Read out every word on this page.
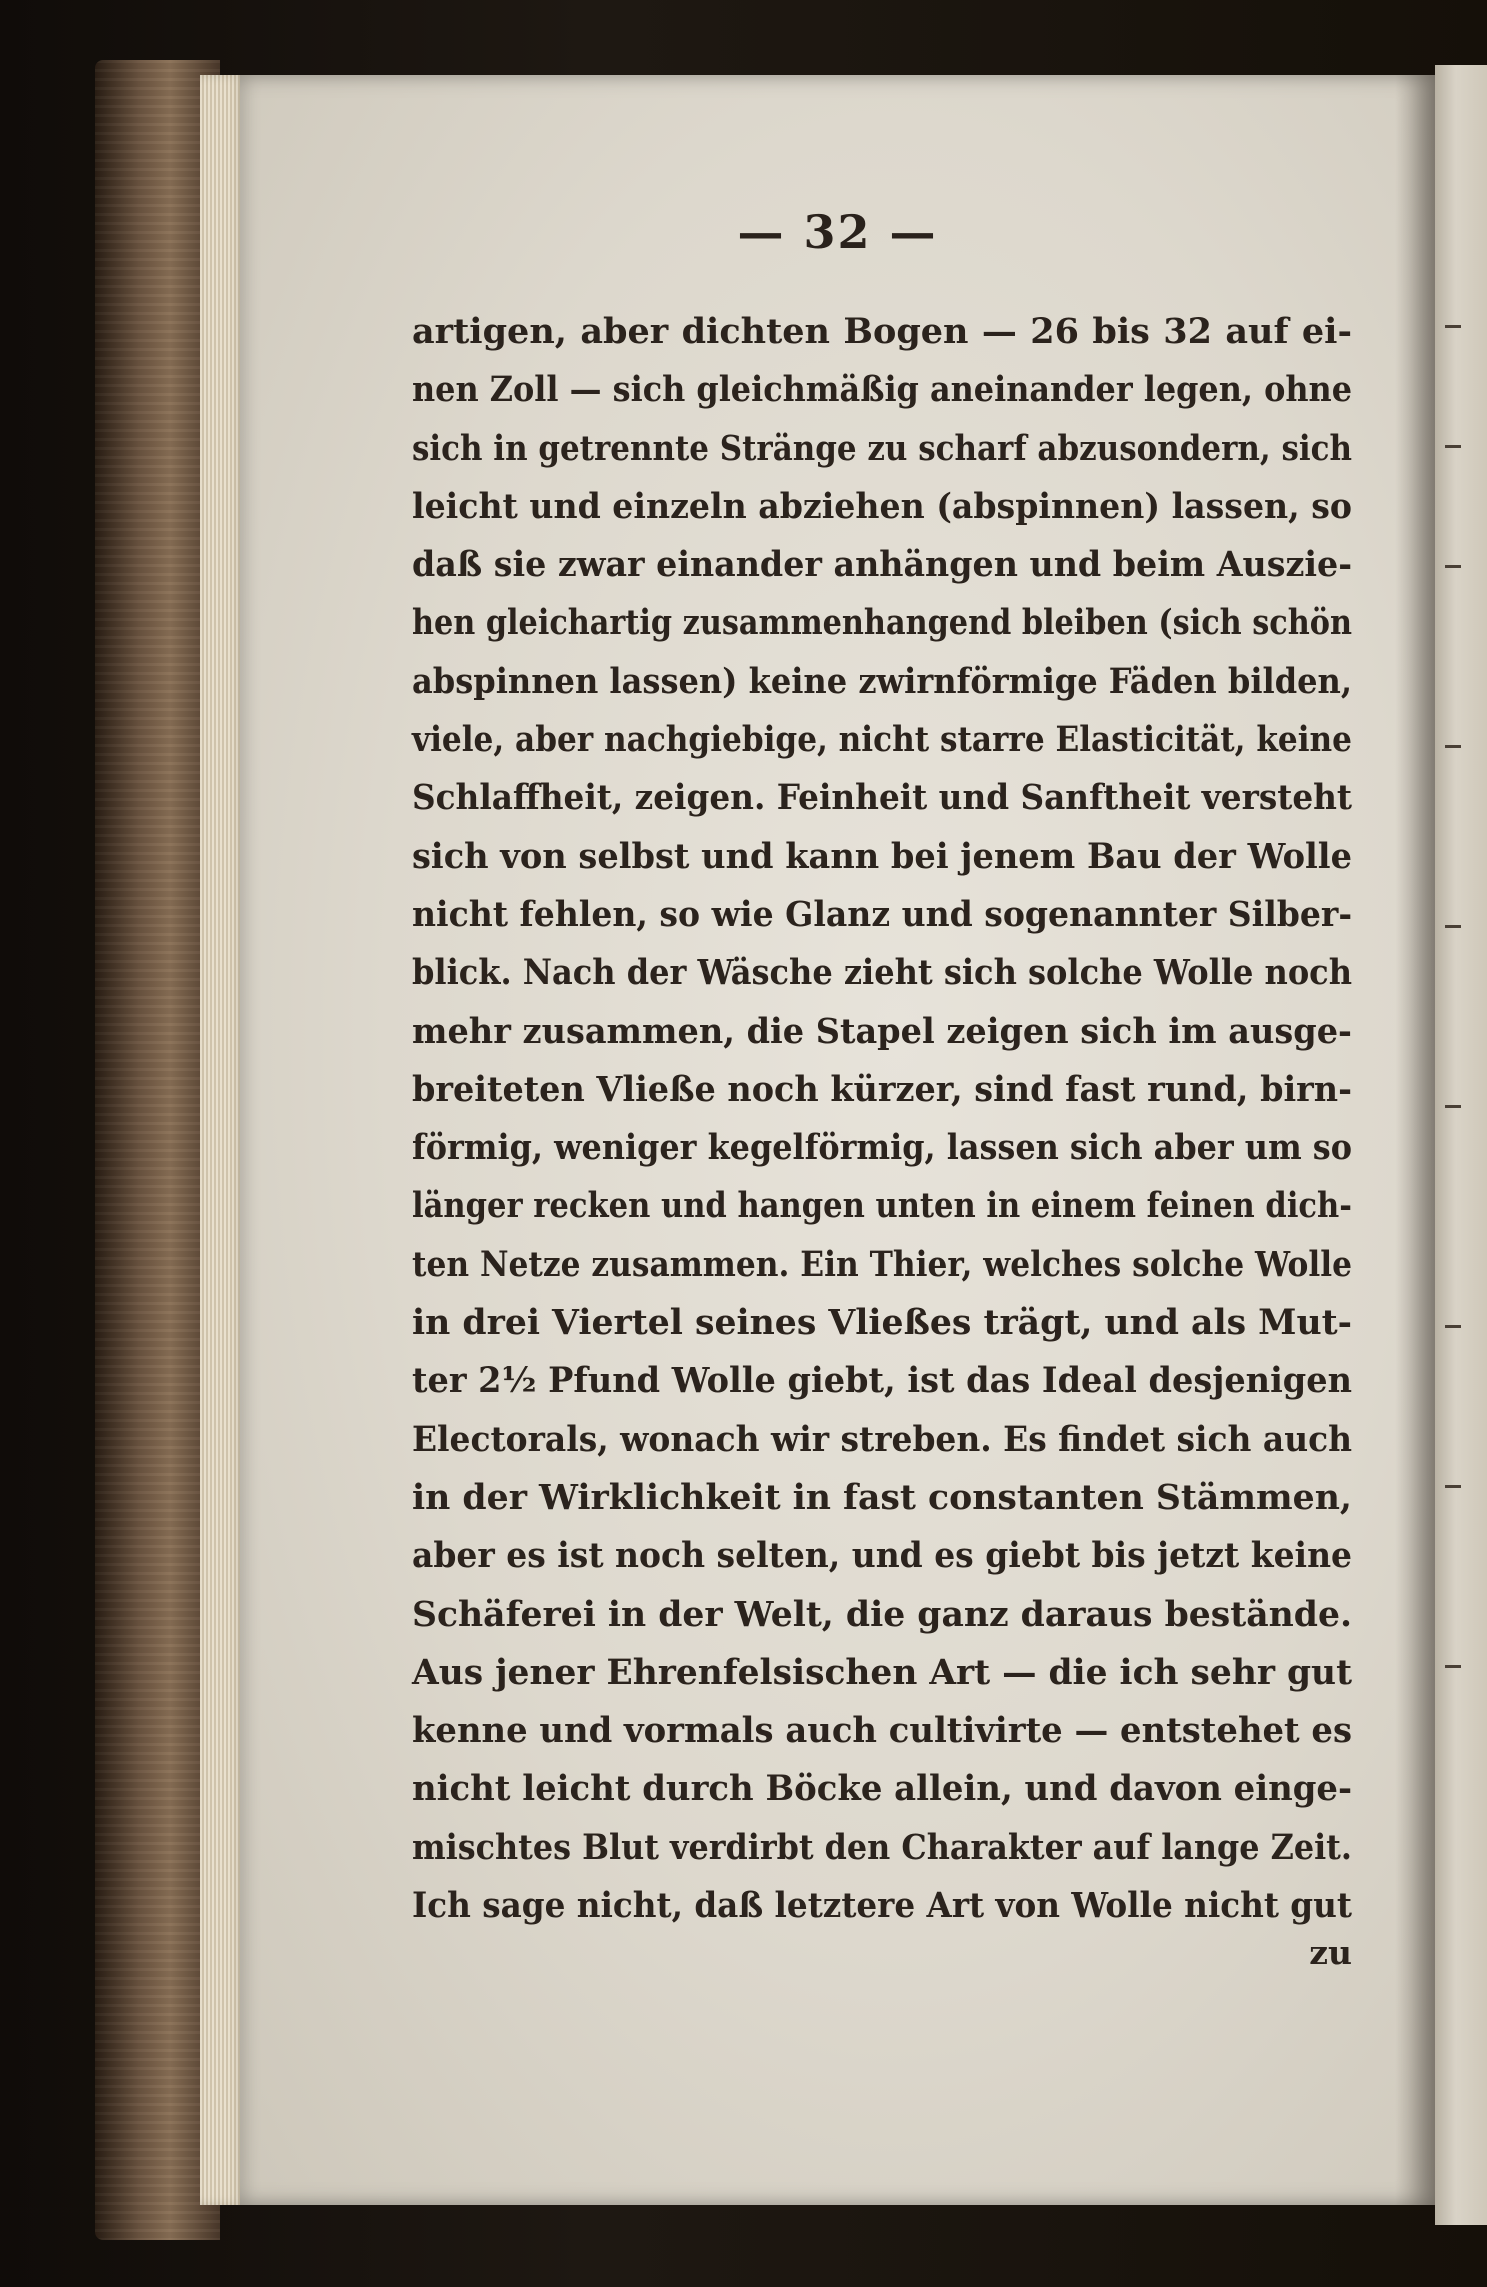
— 32 —
artigen, aber dichten Bogen — 26 bis 32 auf ei-
nen Zoll — sich gleichmäßig aneinander legen, ohne
sich in getrennte Stränge zu scharf abzusondern, sich
leicht und einzeln abziehen (abspinnen) lassen, so
daß sie zwar einander anhängen und beim Auszie-
hen gleichartig zusammenhangend bleiben (sich schön
abspinnen lassen) keine zwirnförmige Fäden bilden,
viele, aber nachgiebige, nicht starre Elasticität, keine
Schlaffheit, zeigen. Feinheit und Sanftheit versteht
sich von selbst und kann bei jenem Bau der Wolle
nicht fehlen, so wie Glanz und sogenannter Silber-
blick. Nach der Wäsche zieht sich solche Wolle noch
mehr zusammen, die Stapel zeigen sich im ausge-
breiteten Vließe noch kürzer, sind fast rund, birn-
förmig, weniger kegelförmig, lassen sich aber um so
länger recken und hangen unten in einem feinen dich-
ten Netze zusammen. Ein Thier, welches solche Wolle
in drei Viertel seines Vließes trägt, und als Mut-
ter 2½ Pfund Wolle giebt, ist das Ideal desjenigen
Electorals, wonach wir streben. Es findet sich auch
in der Wirklichkeit in fast constanten Stämmen,
aber es ist noch selten, und es giebt bis jetzt keine
Schäferei in der Welt, die ganz daraus bestände.
Aus jener Ehrenfelsischen Art — die ich sehr gut
kenne und vormals auch cultivirte — entstehet es
nicht leicht durch Böcke allein, und davon einge-
mischtes Blut verdirbt den Charakter auf lange Zeit.
Ich sage nicht, daß letztere Art von Wolle nicht gut
zu
